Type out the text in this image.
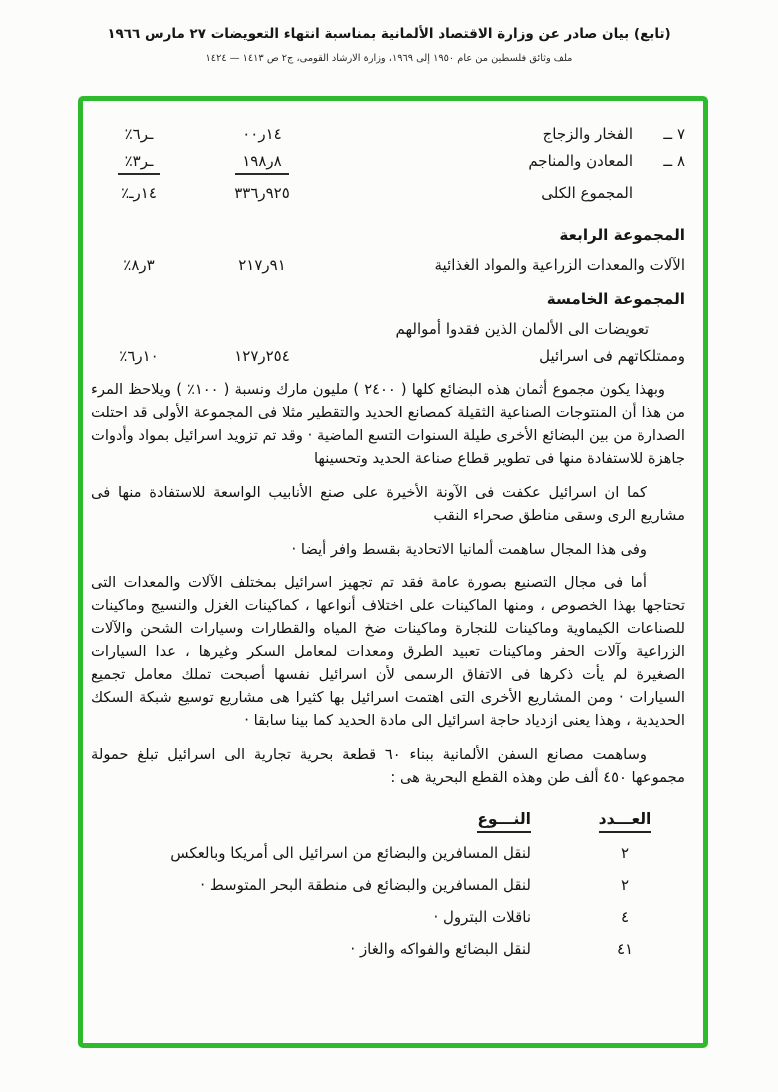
(تابع) بيان صادر عن وزارة الاقتصاد الألمانية بمناسبة انتهاء التعويضات ٢٧ مارس ١٩٦٦
ملف وثائق فلسطين من عام ١٩٥٠ إلى ١٩٦٩، وزارة الارشاد القومى، ج٢ ص ١٤١٣ — ١٤٢٤
٧ ــ
الفخار والزجاج
١٤ر٠٠
ـر٦٪
٨ ــ
المعادن والمناجم
٨ر١٩٨
ـر٣٪
المجموع الكلى
٩٢٥ر٣٣٦
١٤رـ٪
المجموعة الرابعة
الآلات والمعدات الزراعية والمواد الغذائية
٩١ر٢١٧
٣ر٨٪
المجموعة الخامسة
تعويضات الى الألمان الذين فقدوا أموالهم
وممتلكاتهم فى اسرائيل
٢٥٤ر١٢٧
١٠ر٦٪

وبهذا يكون مجموع أثمان هذه البضائع كلها ( ٢٤٠٠ ) مليون مارك ونسبة ( ١٠٠٪ ) ويلاحظ المرء من هذا أن المنتوجات الصناعية الثقيلة كمصانع الحديد والتقطير مثلا فى المجموعة الأولى قد احتلت الصدارة من بين البضائع الأخرى طيلة السنوات التسع الماضية · وقد تم تزويد اسرائيل بمواد وأدوات جاهزة للاستفادة منها فى تطوير قطاع صناعة الحديد وتحسينها

كما ان اسرائيل عكفت فى الآونة الأخيرة على صنع الأنابيب الواسعة للاستفادة منها فى مشاريع الرى وسقى مناطق صحراء النقب

وفى هذا المجال ساهمت ألمانيا الاتحادية بقسط وافر أيضا ·

أما فى مجال التصنيع بصورة عامة فقد تم تجهيز اسرائيل بمختلف الآلات والمعدات التى تحتاجها بهذا الخصوص ، ومنها الماكينات على اختلاف أنواعها ، كماكينات الغزل والنسيج وماكينات للصناعات الكيماوية وماكينات للنجارة وماكينات ضخ المياه والقطارات وسيارات الشحن والآلات الزراعية وآلات الحفر وماكينات تعبيد الطرق ومعدات لمعامل السكر وغيرها ، عدا السيارات الصغيرة لم يأت ذكرها فى الاتفاق الرسمى لأن اسرائيل نفسها أصبحت تملك معامل تجميع السيارات · ومن المشاريع الأخرى التى اهتمت اسرائيل بها كثيرا هى مشاريع توسيع شبكة السكك الحديدية ، وهذا يعنى ازدياد حاجة اسرائيل الى مادة الحديد كما بينا سابقا ·

وساهمت مصانع السفن الألمانية ببناء ٦٠ قطعة بحرية تجارية الى اسرائيل تبلغ حمولة مجموعها ٤٥٠ ألف طن وهذه القطع البحرية هى :

العـــدد
النـــوع
٢
لنقل المسافرين والبضائع من اسرائيل الى أمريكا وبالعكس
٢
لنقل المسافرين والبضائع فى منطقة البحر المتوسط ·
٤
ناقلات البترول ·
٤١
لنقل البضائع والفواكه والغاز ·
